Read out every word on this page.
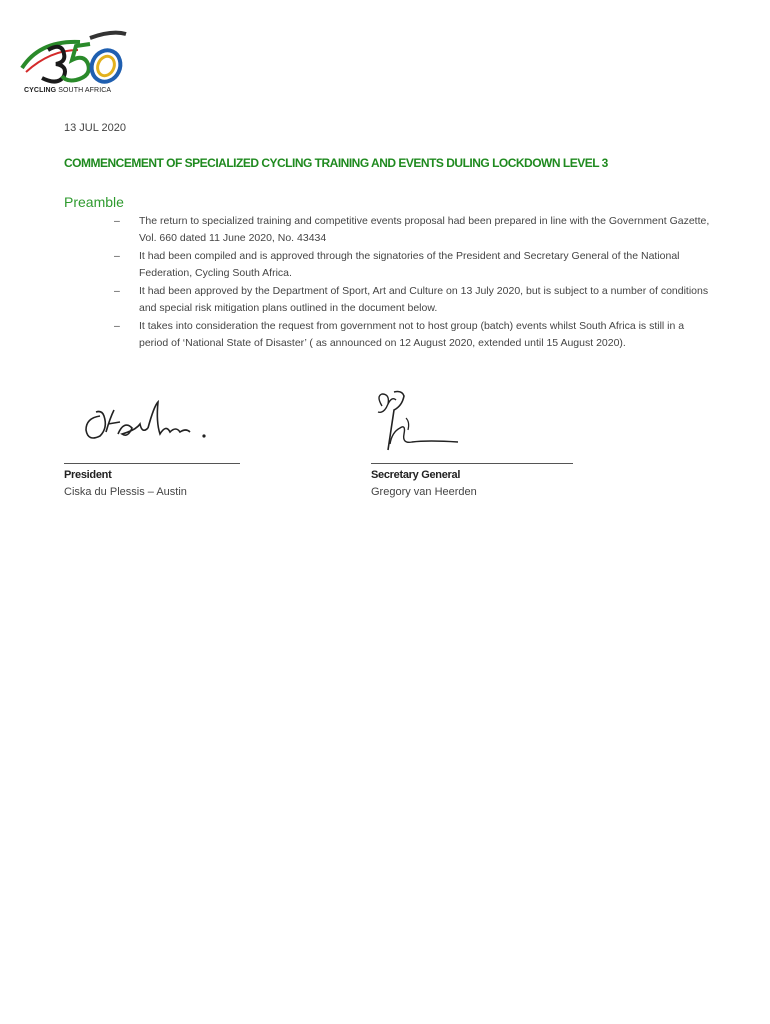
CYCLING SOUTH AFRICA
13 JUL 2020
COMMENCEMENT OF SPECIALIZED CYCLING TRAINING AND EVENTS DULING LOCKDOWN LEVEL 3
Preamble
– The return to specialized training and competitive events proposal had been prepared in line with the Government Gazette, Vol. 660 dated 11 June 2020, No. 43434
– It had been compiled and is approved through the signatories of the President and Secretary General of the National Federation, Cycling South Africa.
– It had been approved by the Department of Sport, Art and Culture on 13 July 2020, but is subject to a number of conditions and special risk mitigation plans outlined in the document below.
– It takes into consideration the request from government not to host group (batch) events whilst South Africa is still in a period of ‘National State of Disaster’ ( as announced on 12 August 2020, extended until 15 August 2020).
President
Ciska du Plessis – Austin
Secretary General
Gregory van Heerden
